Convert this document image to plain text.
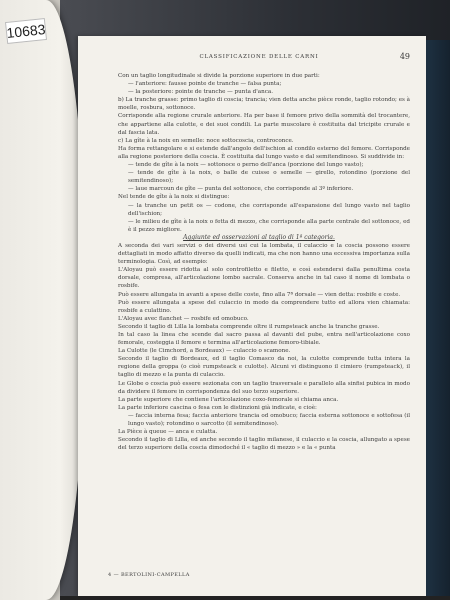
10683
CLASSIFICAZIONE DELLE CARNI	49

Con un taglio longitudinale si divide la porzione superiore in due parti:

— l'anteriore: fausse pointe de tranche — falsa punta;

— la posteriore: pointe de tranche — punta d'anca.

b) La tranche grasse: primo taglio di coscia; trancia; vien detta anche pièce ronde, taglio rotondo; es à moelle, rosbura, sottonoce.

Corrisponde alla regione crurale anteriore. Ha per base il femore privo della sommità del trocantere, che appartiene alla culotte, e dei suoi condili. La parte muscolare è costituita dal tricipite crurale e dal fascia lata.

c) La gîte à la noix en semelle: noce sottocoscia, controconce.

Ha forma rettangolare e si estende dall'angolo dell'ischion al condilo esterno del femore. Corrisponde alla regione posteriore della coscia. È costituita dal lungo vasto e dal semitendinoso. Si suddivide in:

— tende de gîte à la noix — sottonoce o perno dell'anca (porzione del lungo vasto);

— tende de gîte à la noix, o balle de cuisse o semelle — girello, rotondino (porzione del semitendinoso);

— laue marcoun de gîte — punta del sottonoce, che corrisponde al 3º inferiore.

Nel tende de gîte à la noix si distingue:

— la tranche un petit os — codone, che corrisponde all'espansione del lungo vasto nel taglio dell'ischion;

— le milieu de gîte à la noix o fetta di mezzo, che corrisponde alla parte centrale del sottonoce, ed è il pezzo migliore.

Aggiunte ed osservazioni al taglio di 1ª categoria.

A seconda dei vari servizi o dei diversi usi cui la lombata, il culaccio e la coscia possono essere dettagliati in modo affatto diverso da quelli indicati, ma che non hanno una eccessiva importanza sulla terminologia. Così, ad esempio:

L'Aloyau può essere ridotta al solo controfiletto e filetto, e così estendersi dalla penultima costa dorsale, compresa, all'articolazione lombo sacrale. Conserva anche in tal caso il nome di lombata o rosbife.

Può essere allungata in avanti a spese delle coste, fino alla 7ª dorsale — vien detta: rosbife e coste.

Può essere allungata a spese del culaccio in modo da comprendere tutto ed allora vien chiamata: rosbife a culattino.

L'Aloyau avec flanchet — rosbife ed omobuco.

Secondo il taglio di Lilla la lombata comprende oltre il rumpsteack anche la tranche grasse.

In tal caso la linea che scende dal sacro passa al davanti del pube, entra nell'articolazione coxo femorale, costeggia il femore e termina all'articolazione femoro-tibiale.

La Culotte (le Cimchord, a Bordeaux) — culaccio o scamone.

Secondo il taglio di Bordeaux, ed il taglio Comasco da noi, la culotte comprende tutta intera la regione della groppa (o cioè rumpsteack e culotte). Alcuni vi distinguono il cimiero (rumpsteack), il taglio di mezzo e la punta di culaccio.

Le Globe o coscia può essere sezionata con un taglio trasversale e parallelo alla sinfisi pubica in modo da dividere il femore in corrispondenza del suo terzo superiore.

La parte superiore che contiene l'articolazione coxo-femorale si chiama anca.

La parte inferiore cascina o fesa con le distinzioni già indicate, e cioè:

— faccia interna fesa; faccia anteriore trancia od omobuco; faccia esterna sottonoce e sottofesa (il lungo vasto); rotondino o sarcotto (il semitendinoso).

La Pièce à queue — anca e culatta.

Secondo il taglio di Lilla, ed anche secondo il taglio milanese, il culaccio e la coscia, allungato a spese del terzo superiore della coscia dimodoché il « taglio di mezzo » e la « punta

4 — BERTOLINI-CAMPELLA
